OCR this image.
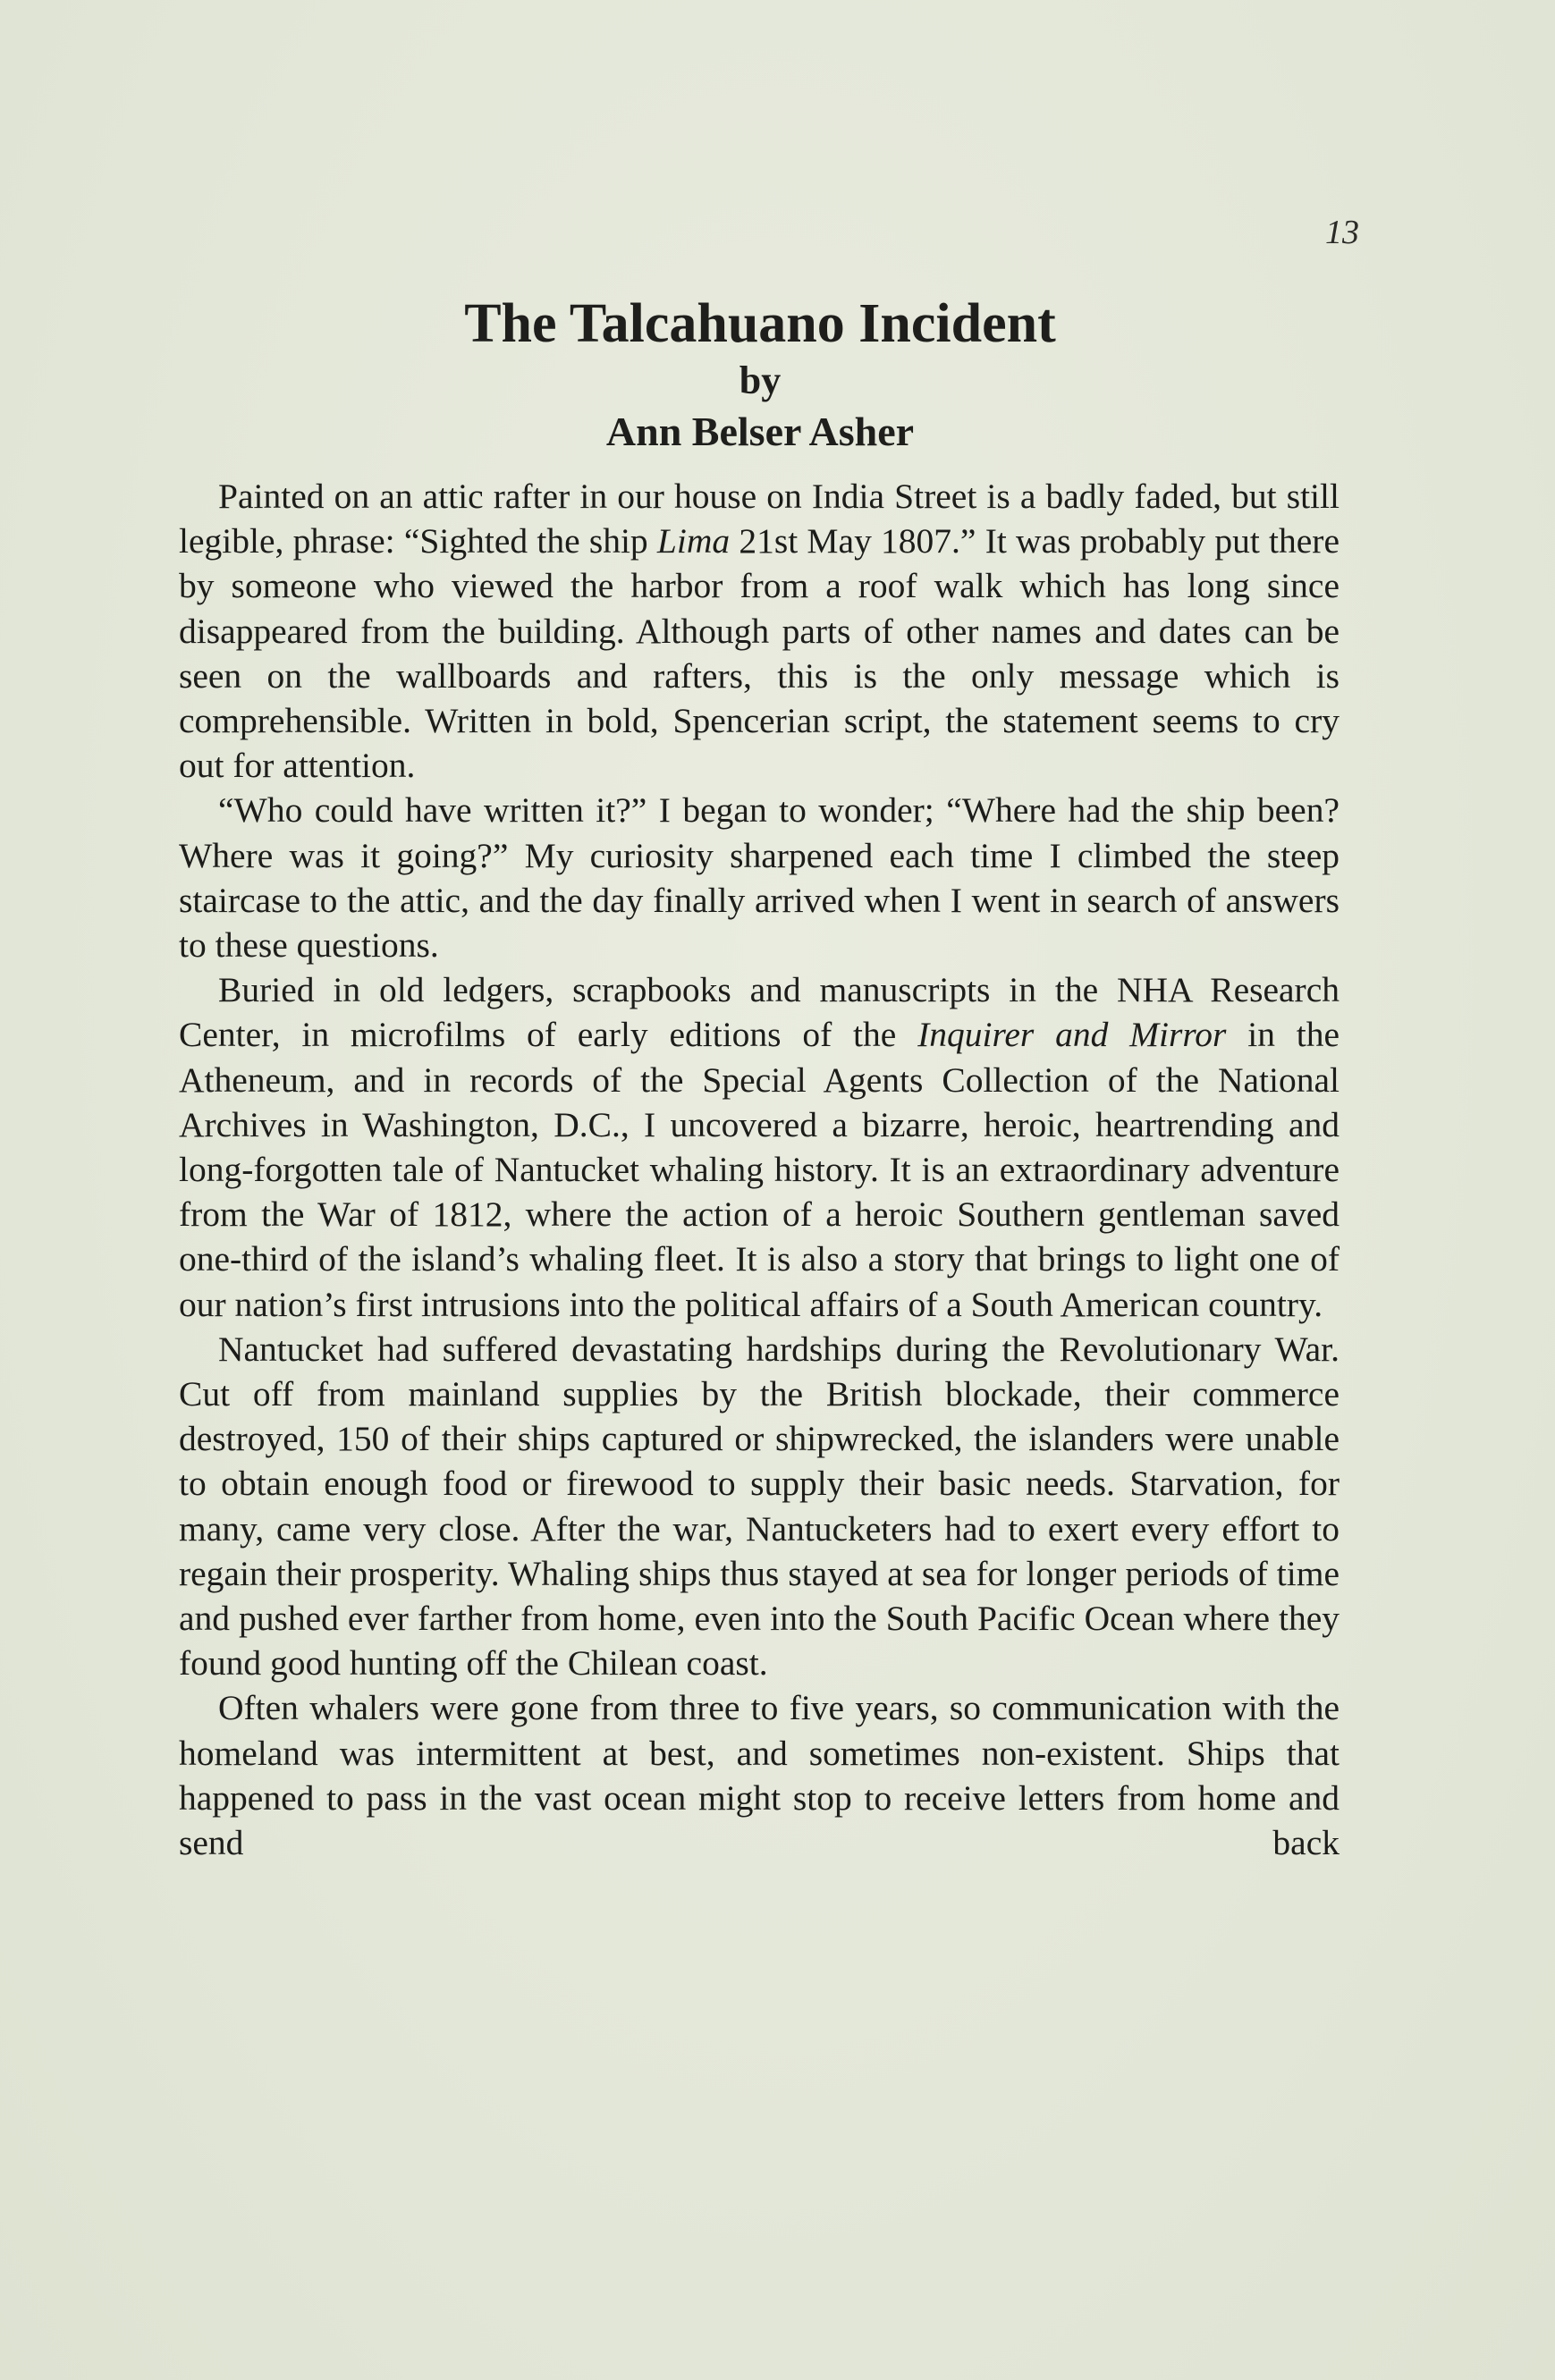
13
The Talcahuano Incident
by
Ann Belser Asher

Painted on an attic rafter in our house on India Street is a badly faded, but still legible, phrase: “Sighted the ship Lima 21st May 1807.” It was probably put there by someone who viewed the harbor from a roof walk which has long since disappeared from the building. Although parts of other names and dates can be seen on the wallboards and rafters, this is the only message which is comprehensible. Written in bold, Spencerian script, the statement seems to cry out for attention.

“Who could have written it?” I began to wonder; “Where had the ship been? Where was it going?” My curiosity sharpened each time I climbed the steep staircase to the attic, and the day finally arrived when I went in search of answers to these questions.

Buried in old ledgers, scrapbooks and manuscripts in the NHA Research Center, in microfilms of early editions of the Inquirer and Mirror in the Atheneum, and in records of the Special Agents Collection of the National Archives in Washington, D.C., I uncovered a bizarre, heroic, heartrending and long-forgotten tale of Nantucket whaling history. It is an extraordinary adventure from the War of 1812, where the action of a heroic Southern gentleman saved one-third of the island’s whaling fleet. It is also a story that brings to light one of our nation’s first intrusions into the political affairs of a South American country.

Nantucket had suffered devastating hardships during the Revolutionary War. Cut off from mainland supplies by the British blockade, their commerce destroyed, 150 of their ships captured or shipwrecked, the islanders were unable to obtain enough food or firewood to supply their basic needs. Starvation, for many, came very close. After the war, Nantucketers had to exert every effort to regain their prosperity. Whaling ships thus stayed at sea for longer periods of time and pushed ever farther from home, even into the South Pacific Ocean where they found good hunting off the Chilean coast.

Often whalers were gone from three to five years, so communication with the homeland was intermittent at best, and sometimes non-existent. Ships that happened to pass in the vast ocean might stop to receive letters from home and send back
